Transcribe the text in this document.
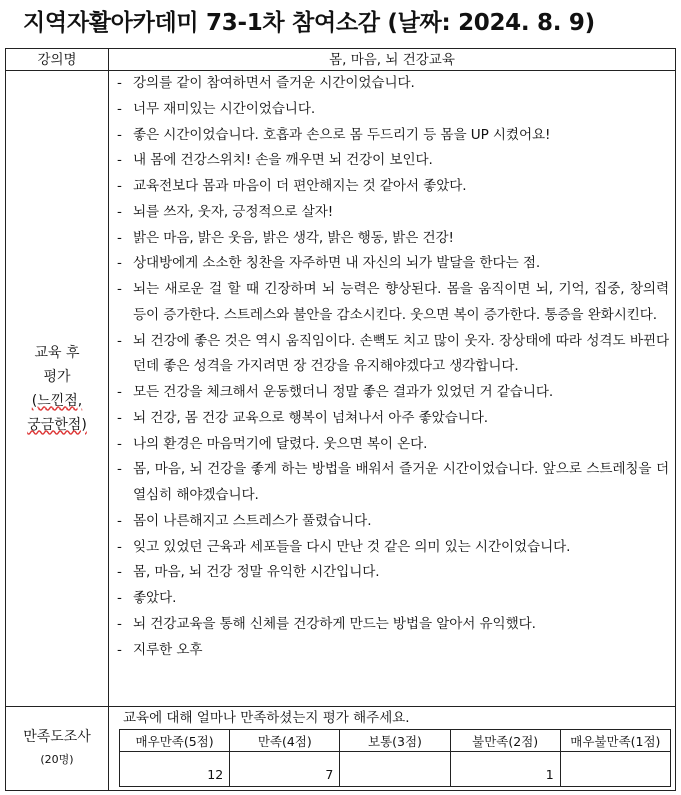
지역자활아카데미 73-1차 참여소감 (날짜: 2024. 8. 9)
강의명	몸, 마음, 뇌 건강교육

교육 후
평가
(느낀점,
궁금한점)

- 강의를 같이 참여하면서 즐거운 시간이었습니다.
- 너무 재미있는 시간이었습니다.
- 좋은 시간이었습니다. 호흡과 손으로 몸 두드리기 등 몸을 UP 시켰어요!
- 내 몸에 건강스위치! 손을 깨우면 뇌 건강이 보인다.
- 교육전보다 몸과 마음이 더 편안해지는 것 같아서 좋았다.
- 뇌를 쓰자, 웃자, 긍정적으로 살자!
- 밝은 마음, 밝은 웃음, 밝은 생각, 밝은 행동, 밝은 건강!
- 상대방에게 소소한 칭찬을 자주하면 내 자신의 뇌가 발달을 한다는 점.
- 뇌는 새로운 걸 할 때 긴장하며 뇌 능력은 향상된다. 몸을 움직이면 뇌, 기억, 집중, 창의력 등이 증가한다. 스트레스와 불안을 감소시킨다. 웃으면 복이 증가한다. 통증을 완화시킨다.
- 뇌 건강에 좋은 것은 역시 움직임이다. 손뼉도 치고 많이 웃자. 장상태에 따라 성격도 바뀐다던데 좋은 성격을 가지려면 장 건강을 유지해야겠다고 생각합니다.
- 모든 건강을 체크해서 운동했더니 정말 좋은 결과가 있었던 거 같습니다.
- 뇌 건강, 몸 건강 교육으로 행복이 넘쳐나서 아주 좋았습니다.
- 나의 환경은 마음먹기에 달렸다. 웃으면 복이 온다.
- 몸, 마음, 뇌 건강을 좋게 하는 방법을 배워서 즐거운 시간이었습니다. 앞으로 스트레칭을 더 열심히 해야겠습니다.
- 몸이 나른해지고 스트레스가 풀렸습니다.
- 잊고 있었던 근육과 세포들을 다시 만난 것 같은 의미 있는 시간이었습니다.
- 몸, 마음, 뇌 건강 정말 유익한 시간입니다.
- 좋았다.
- 뇌 건강교육을 통해 신체를 건강하게 만드는 방법을 알아서 유익했다.
- 지루한 오후

만족도조사
(20명)

교육에 대해 얼마나 만족하셨는지 평가 해주세요.
매우만족(5점)	만족(4점)	보통(3점)	불만족(2점)	매우불만족(1점)
12	7		1	
